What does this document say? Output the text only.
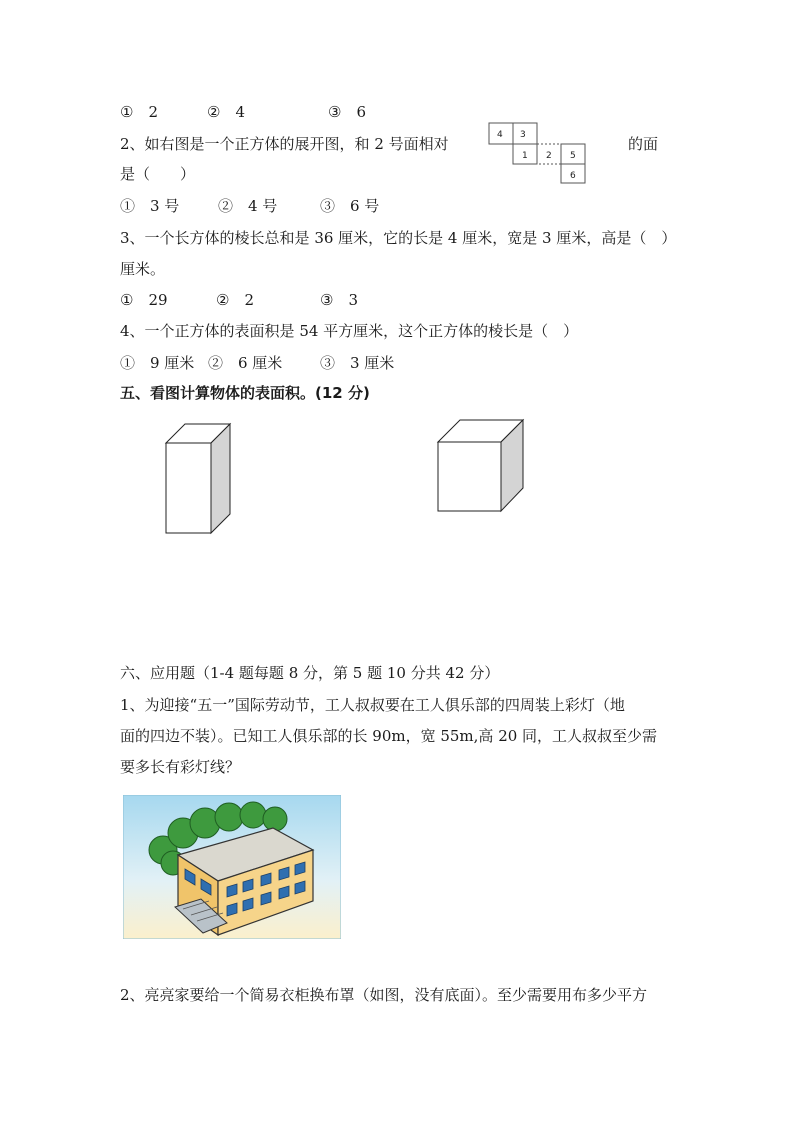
①　2	②　4	③　6
2、如右图是一个正方体的展开图，和 2 号面相对	的面
是（　　）
4 3
1 2 5
6
①　3 号	②　4 号	③　6 号
3、一个长方体的棱长总和是 36 厘米，它的长是 4 厘米，宽是 3 厘米，高是（　）
厘米。
①　29	②　2	③　3
4、一个正方体的表面积是 54 平方厘米，这个正方体的棱长是（　）
①　9 厘米 ②　6 厘米	③　3 厘米
五、看图计算物体的表面积。(12 分)
六、应用题（1-4 题每题 8 分，第 5 题 10 分共 42 分）
1、为迎接“五一”国际劳动节，工人叔叔要在工人俱乐部的四周装上彩灯（地
面的四边不装）。已知工人俱乐部的长 90m，宽 55m,高 20 同，工人叔叔至少需
要多长有彩灯线？
2、亮亮家要给一个简易衣柜换布罩（如图，没有底面）。至少需要用布多少平方
